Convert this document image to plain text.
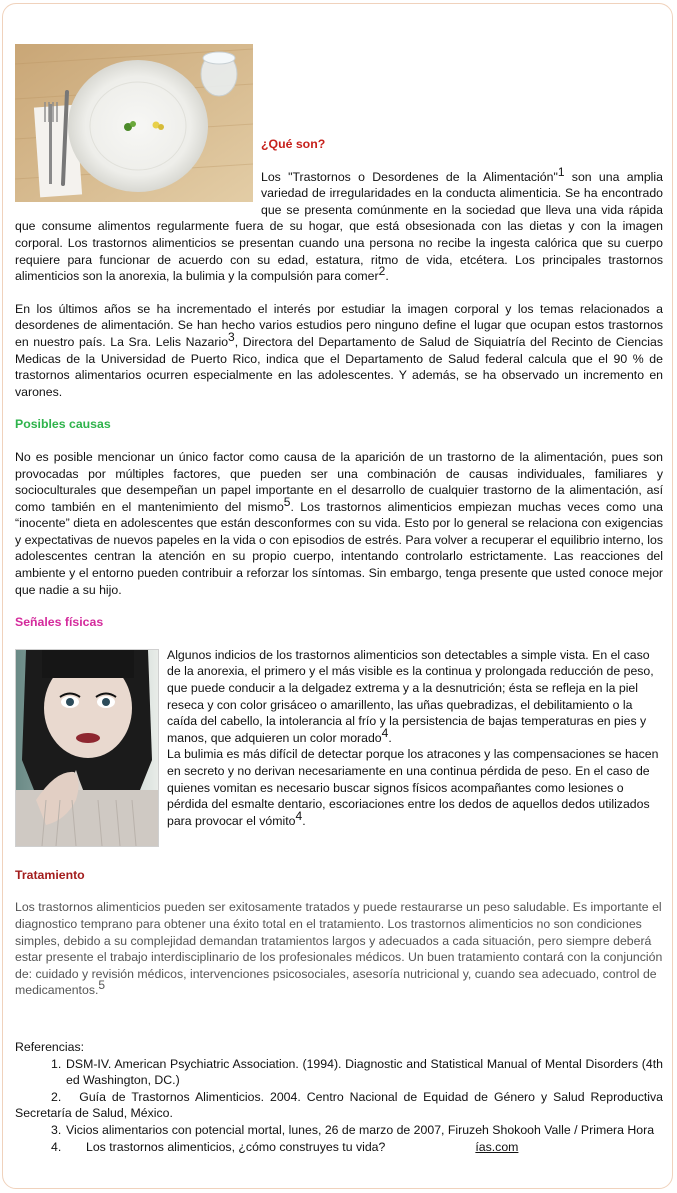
¿Qué son?

Los "Trastornos o Desordenes de la Alimentación"$^1$ son una amplia variedad de irregularidades en la conducta alimenticia. Se ha encontrado que se presenta comúnmente en la sociedad que lleva una vida rápida que consume alimentos regularmente fuera de su hogar, que está obsesionada con las dietas y con la imagen corporal. Los trastornos alimenticios se presentan cuando una persona no recibe la ingesta calórica que su cuerpo requiere para funcionar de acuerdo con su edad, estatura, ritmo de vida, etcétera. Los principales trastornos alimenticios son la anorexia, la bulimia y la compulsión para comer$^2$.

En los últimos años se ha incrementado el interés por estudiar la imagen corporal y los temas relacionados a desordenes de alimentación. Se han hecho varios estudios pero ninguno define el lugar que ocupan estos trastornos en nuestro país. La Sra. Lelis Nazario$^3$, Directora del Departamento de Salud de Siquiatría del Recinto de Ciencias Medicas de la Universidad de Puerto Rico, indica que el Departamento de Salud federal calcula que el 90 % de trastornos alimentarios ocurren especialmente en las adolescentes. Y además, se ha observado un incremento en varones.

Posibles causas

No es posible mencionar un único factor como causa de la aparición de un trastorno de la alimentación, pues son provocadas por múltiples factores, que pueden ser una combinación de causas individuales, familiares y socioculturales que desempeñan un papel importante en el desarrollo de cualquier trastorno de la alimentación, así como también en el mantenimiento del mismo$^5$. Los trastornos alimenticios empiezan muchas veces como una “inocente” dieta en adolescentes que están desconformes con su vida. Esto por lo general se relaciona con exigencias y expectativas de nuevos papeles en la vida o con episodios de estrés. Para volver a recuperar el equilibrio interno, los adolescentes centran la atención en su propio cuerpo, intentando controlarlo estrictamente. Las reacciones del ambiente y el entorno pueden contribuir a reforzar los síntomas. Sin embargo, tenga presente que usted conoce mejor que nadie a su hijo.

Señales físicas

Algunos indicios de los trastornos alimenticios son detectables a simple vista. En el caso de la anorexia, el primero y el más visible es la continua y prolongada reducción de peso, que puede conducir a la delgadez extrema y a la desnutrición; ésta se refleja en la piel reseca y con color grisáceo o amarillento, las uñas quebradizas, el debilitamiento o la caída del cabello, la intolerancia al frío y la persistencia de bajas temperaturas en pies y manos, que adquieren un color morado$^4$.

La bulimia es más difícil de detectar porque los atracones y las compensaciones se hacen en secreto y no derivan necesariamente en una continua pérdida de peso. En el caso de quienes vomitan es necesario buscar signos físicos acompañantes como lesiones o pérdida del esmalte dentario, escoriaciones entre los dedos de aquellos dedos utilizados para provocar el vómito$^4$.

Tratamiento

Los trastornos alimenticios pueden ser exitosamente tratados y puede restaurarse un peso saludable. Es importante el diagnostico temprano para obtener una éxito total en el tratamiento. Los trastornos alimenticios no son condiciones simples, debido a su complejidad demandan tratamientos largos y adecuados a cada situación, pero siempre deberá estar presente el trabajo interdisciplinario de los profesionales médicos. Un buen tratamiento contará con la conjunción de: cuidado y revisión médicos, intervenciones psicosociales, asesoría nutricional y, cuando sea adecuado, control de medicamentos.$^5$

Referencias:
1. DSM-IV. American Psychiatric Association. (1994). Diagnostic and Statistical Manual of Mental Disorders (4th ed Washington, DC.)
2. Guía de Trastornos Alimenticios. 2004. Centro Nacional de Equidad de Género y Salud Reproductiva Secretaría de Salud, México.
3. Vicios alimentarios con potencial mortal, lunes, 26 de marzo de 2007, Firuzeh Shokooh Valle / Primera Hora
4. Los trastornos alimenticios, ¿cómo construyes tu vida?	ías.com
